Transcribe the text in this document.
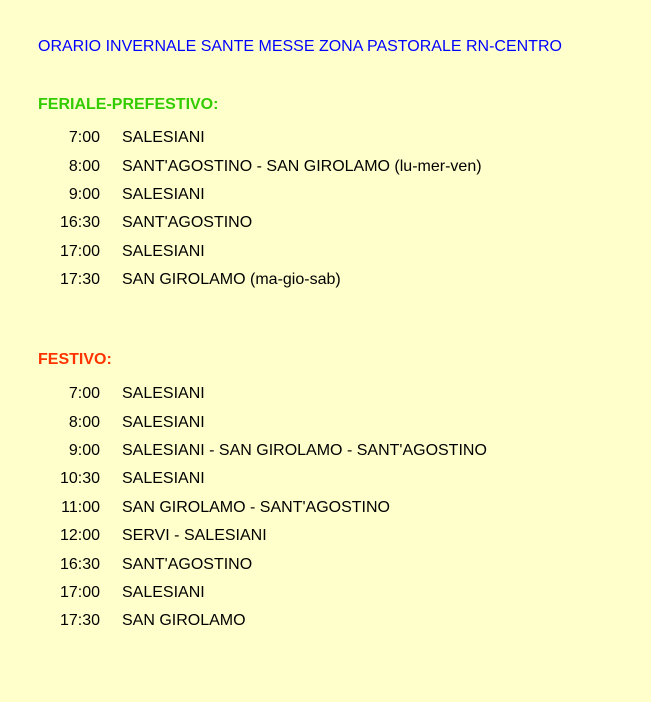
ORARIO INVERNALE SANTE MESSE ZONA PASTORALE RN-CENTRO
FERIALE-PREFESTIVO:
7:00 SALESIANI
8:00 SANT'AGOSTINO - SAN GIROLAMO (lu-mer-ven)
9:00 SALESIANI
16:30 SANT'AGOSTINO
17:00 SALESIANI
17:30 SAN GIROLAMO (ma-gio-sab)
FESTIVO:
7:00 SALESIANI
8:00 SALESIANI
9:00 SALESIANI - SAN GIROLAMO - SANT'AGOSTINO
10:30 SALESIANI
11:00 SAN GIROLAMO - SANT'AGOSTINO
12:00 SERVI - SALESIANI
16:30 SANT'AGOSTINO
17:00 SALESIANI
17:30 SAN GIROLAMO
